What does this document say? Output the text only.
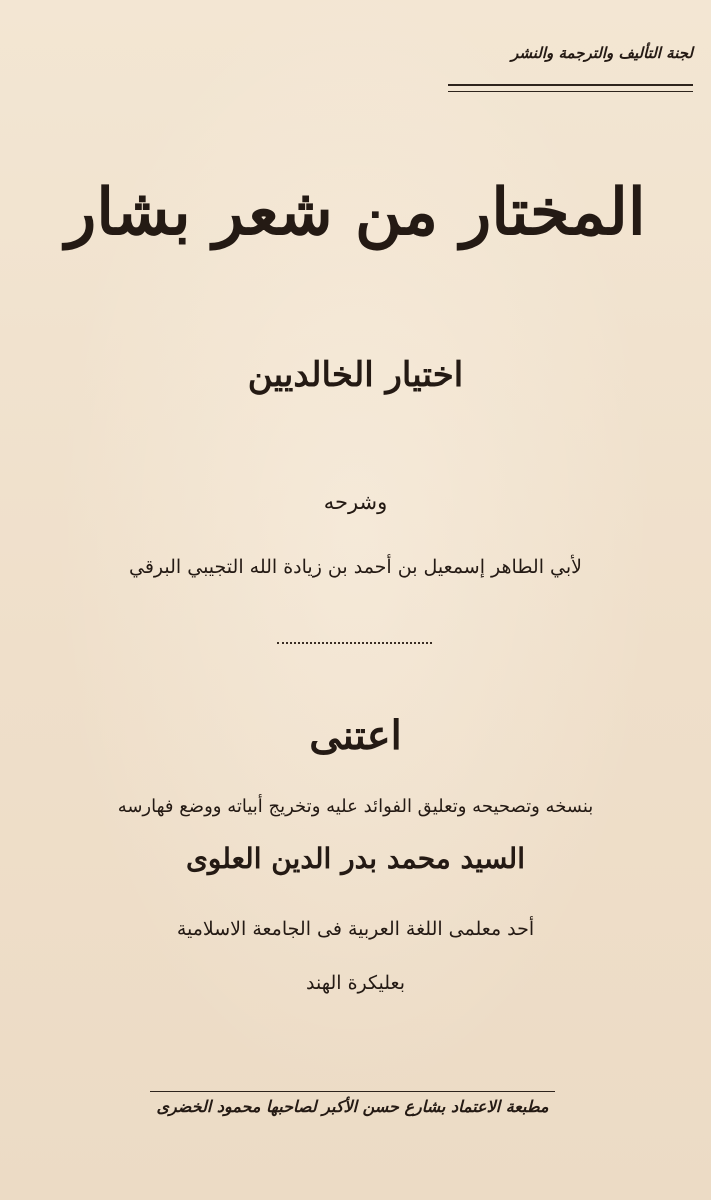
لجنة التأليف والترجمة والنشر
المختار من شعر بشار
اختيار الخالديين
وشرحه
لأبي الطاهر إسمعيل بن أحمد بن زيادة الله التجيبي البرقي
اعتنى
بنسخه وتصحيحه وتعليق الفوائد عليه وتخريج أبياته ووضع فهارسه
السيد محمد بدر الدين العلوى
أحد معلمى اللغة العربية فى الجامعة الاسلامية
بعليكرة الهند
مطبعة الاعتماد بشارع حسن الأكبر لصاحبها محمود الخضرى
